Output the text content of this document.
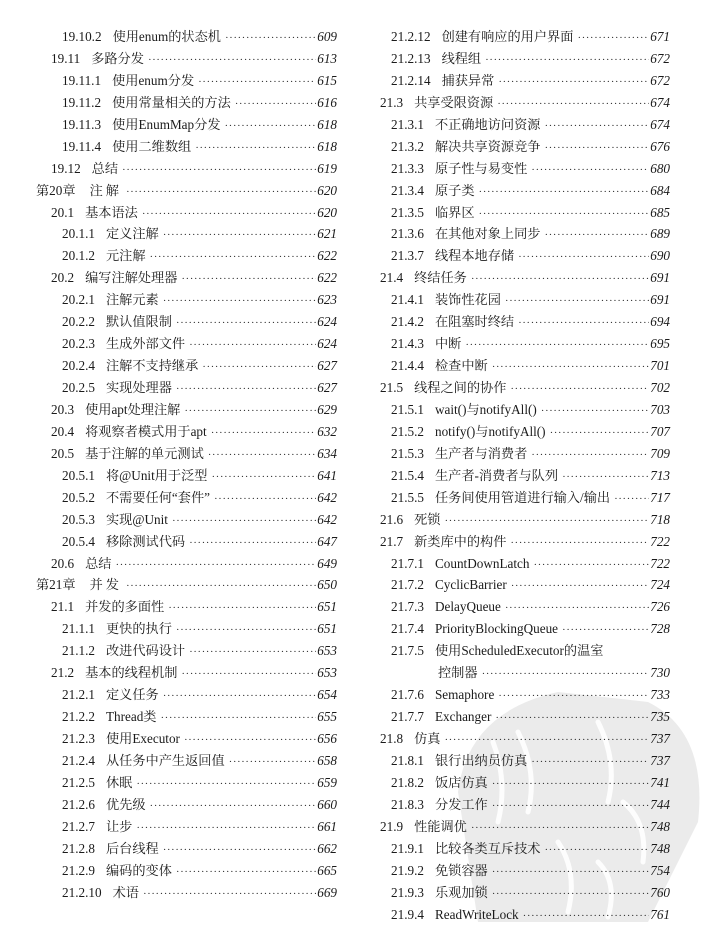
19.10.2 使用enum的状态机 ·····	609
19.11 多路分发 ·····	613
19.11.1 使用enum分发 ·····	615
19.11.2 使用常量相关的方法 ·····	616
19.11.3 使用EnumMap分发 ·····	618
19.11.4 使用二维数组 ·····	618
19.12 总结 ·····	619
第20章 注解 ·····	620
20.1 基本语法 ·····	620
20.1.1 定义注解 ·····	621
20.1.2 元注解 ·····	622
20.2 编写注解处理器 ·····	622
20.2.1 注解元素 ·····	623
20.2.2 默认值限制 ·····	624
20.2.3 生成外部文件 ·····	624
20.2.4 注解不支持继承 ·····	627
20.2.5 实现处理器 ·····	627
20.3 使用apt处理注解 ·····	629
20.4 将观察者模式用于apt ·····	632
20.5 基于注解的单元测试 ·····	634
20.5.1 将@Unit用于泛型 ·····	641
20.5.2 不需要任何“套件” ·····	642
20.5.3 实现@Unit ·····	642
20.5.4 移除测试代码 ·····	647
20.6 总结 ·····	649
第21章 并发 ·····	650
21.1 并发的多面性 ·····	651
21.1.1 更快的执行 ·····	651
21.1.2 改进代码设计 ·····	653
21.2 基本的线程机制 ·····	653
21.2.1 定义任务 ·····	654
21.2.2 Thread类 ·····	655
21.2.3 使用Executor ·····	656
21.2.4 从任务中产生返回值 ·····	658
21.2.5 休眠 ·····	659
21.2.6 优先级 ·····	660
21.2.7 让步 ·····	661
21.2.8 后台线程 ·····	662
21.2.9 编码的变体 ·····	665
21.2.10 术语 ·····	669
21.2.12 创建有响应的用户界面 ·····	671
21.2.13 线程组 ·····	672
21.2.14 捕获异常 ·····	672
21.3 共享受限资源 ·····	674
21.3.1 不正确地访问资源 ·····	674
21.3.2 解决共享资源竞争 ·····	676
21.3.3 原子性与易变性 ·····	680
21.3.4 原子类 ·····	684
21.3.5 临界区 ·····	685
21.3.6 在其他对象上同步 ·····	689
21.3.7 线程本地存储 ·····	690
21.4 终结任务 ·····	691
21.4.1 装饰性花园 ·····	691
21.4.2 在阻塞时终结 ·····	694
21.4.3 中断 ·····	695
21.4.4 检查中断 ·····	701
21.5 线程之间的协作 ·····	702
21.5.1 wait()与notifyAll() ·····	703
21.5.2 notify()与notifyAll() ·····	707
21.5.3 生产者与消费者 ·····	709
21.5.4 生产者-消费者与队列 ·····	713
21.5.5 任务间使用管道进行输入/输出 ·····	717
21.6 死锁 ·····	718
21.7 新类库中的构件 ·····	722
21.7.1 CountDownLatch ·····	722
21.7.2 CyclicBarrier ·····	724
21.7.3 DelayQueue ·····	726
21.7.4 PriorityBlockingQueue ·····	728
21.7.5 使用ScheduledExecutor的温室
控制器 ·····	730
21.7.6 Semaphore ·····	733
21.7.7 Exchanger ·····	735
21.8 仿真 ·····	737
21.8.1 银行出纳员仿真 ·····	737
21.8.2 饭店仿真 ·····	741
21.8.3 分发工作 ·····	744
21.9 性能调优 ·····	748
21.9.1 比较各类互斥技术 ·····	748
21.9.2 免锁容器 ·····	754
21.9.3 乐观加锁 ·····	760
21.9.4 ReadWriteLock ·····	761
